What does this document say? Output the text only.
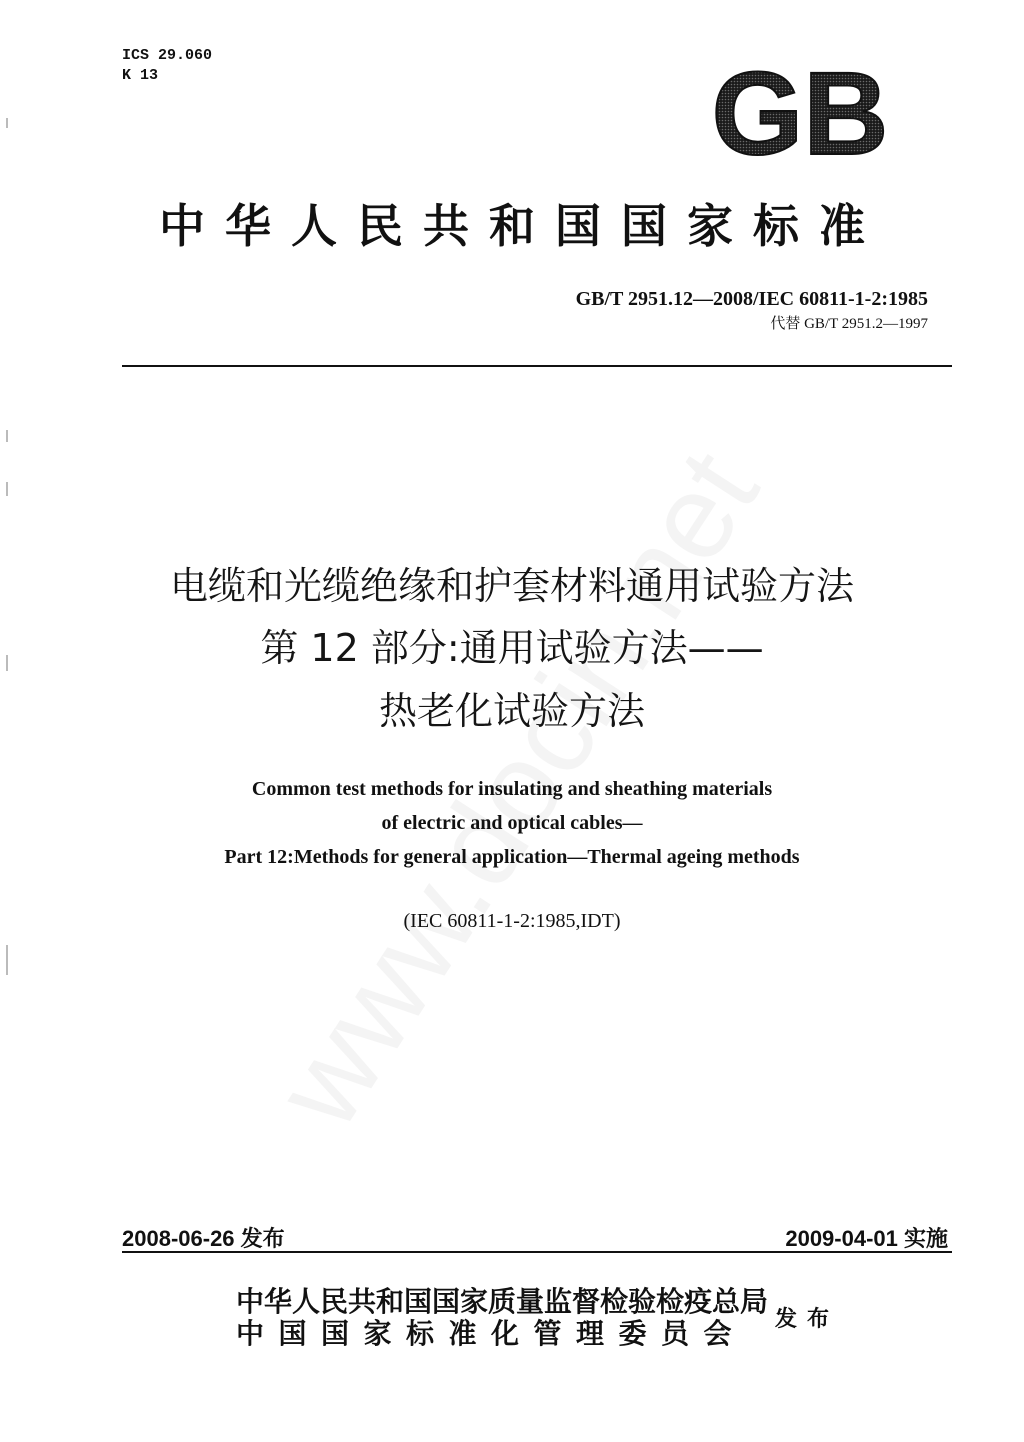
ICS 29.060
K 13	GB
中华人民共和国国家标准
GB/T 2951.12—2008/IEC 60811-1-2:1985
代替 GB/T 2951.2—1997
电缆和光缆绝缘和护套材料通用试验方法
第 12 部分:通用试验方法——
热老化试验方法
Common test methods for insulating and sheathing materials
of electric and optical cables—
Part 12:Methods for general application—Thermal ageing methods
(IEC 60811-1-2:1985,IDT)
2008-06-26 发布	2009-04-01 实施
中华人民共和国国家质量监督检验检疫总局
中国国家标准化管理委员会 发布
